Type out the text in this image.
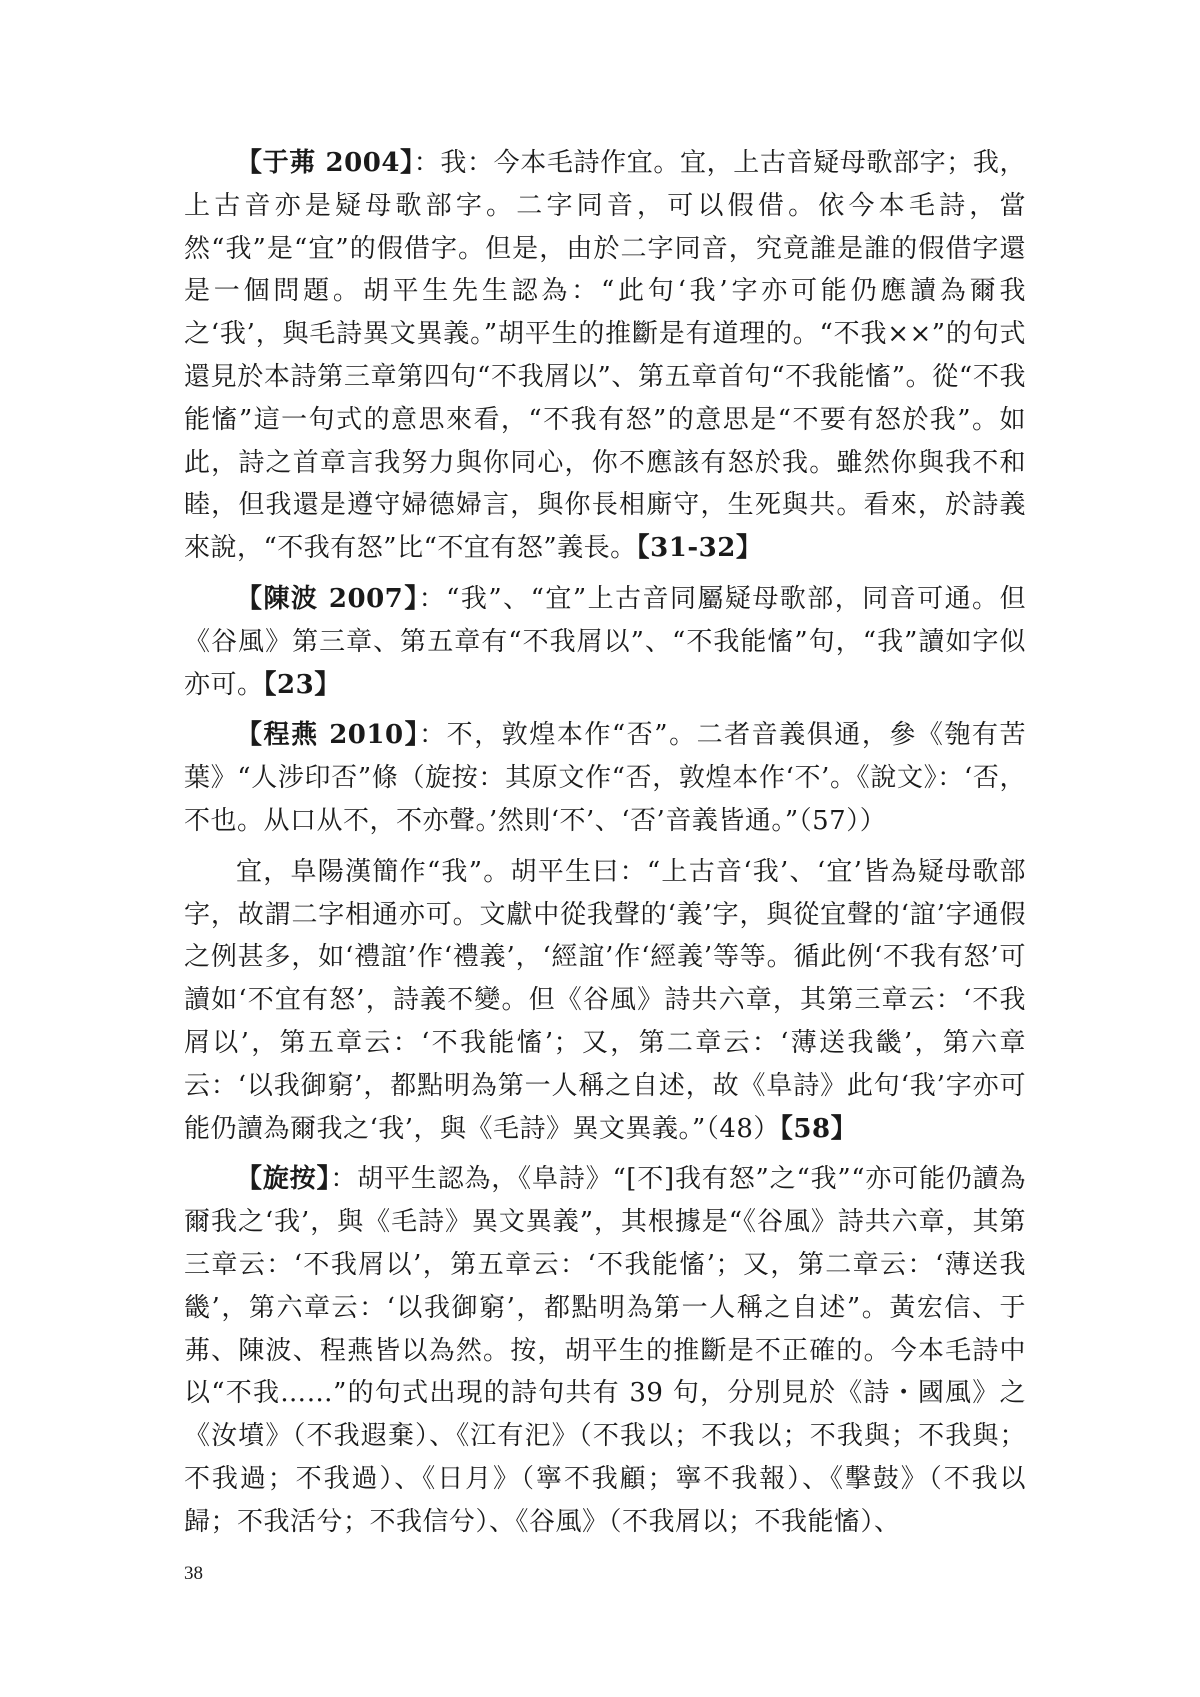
【于茀 2004】：我：今本毛詩作宜。宜，上古音疑母歌部字；我，上古音亦是疑母歌部字。二字同音，可以假借。依今本毛詩，當然“我”是“宜”的假借字。但是，由於二字同音，究竟誰是誰的假借字還是一個問題。胡平生先生認為：“此句‘我’字亦可能仍應讀為爾我之‘我’，與毛詩異文異義。”胡平生的推斷是有道理的。“不我××”的句式還見於本詩第三章第四句“不我屑以”、第五章首句“不我能慉”。從“不我能慉”這一句式的意思來看，“不我有怒”的意思是“不要有怒於我”。如此，詩之首章言我努力與你同心，你不應該有怒於我。雖然你與我不和睦，但我還是遵守婦德婦言，與你長相廝守，生死與共。看來，於詩義來說，“不我有怒”比“不宜有怒”義長。【31-32】

【陳波 2007】：“我”、“宜”上古音同屬疑母歌部，同音可通。但《谷風》第三章、第五章有“不我屑以”、“不我能慉”句，“我”讀如字似亦可。【23】

【程燕 2010】：不，敦煌本作“否”。二者音義俱通，參《匏有苦葉》“人涉印否”條（旋按：其原文作“否，敦煌本作‘不’。《說文》：‘否，不也。从口从不，不亦聲。’然則‘不’、‘否’音義皆通。”（57））

宜，阜陽漢簡作“我”。胡平生曰：“上古音‘我’、‘宜’皆為疑母歌部字，故謂二字相通亦可。文獻中從我聲的‘義’字，與從宜聲的‘誼’字通假之例甚多，如‘禮誼’作‘禮義’，‘經誼’作‘經義’等等。循此例‘不我有怒’可讀如‘不宜有怒’，詩義不變。但《谷風》詩共六章，其第三章云：‘不我屑以’，第五章云：‘不我能慉’；又，第二章云：‘薄送我畿’，第六章云：‘以我御窮’，都點明為第一人稱之自述，故《阜詩》此句‘我’字亦可能仍讀為爾我之‘我’，與《毛詩》異文異義。”（48）【58】

【旋按】：胡平生認為，《阜詩》“[不]我有怒”之“我”“亦可能仍讀為爾我之‘我’，與《毛詩》異文異義”，其根據是“《谷風》詩共六章，其第三章云：‘不我屑以’，第五章云：‘不我能慉’；又，第二章云：‘薄送我畿’，第六章云：‘以我御窮’，都點明為第一人稱之自述”。黃宏信、于茀、陳波、程燕皆以為然。按，胡平生的推斷是不正確的。今本毛詩中以“不我……”的句式出現的詩句共有 39 句，分別見於《詩・國風》之《汝墳》（不我遐棄）、《江有汜》（不我以；不我以；不我與；不我與；不我過；不我過）、《日月》（寧不我顧；寧不我報）、《擊鼓》（不我以歸；不我活兮；不我信兮）、《谷風》（不我屑以；不我能慉）、

38
